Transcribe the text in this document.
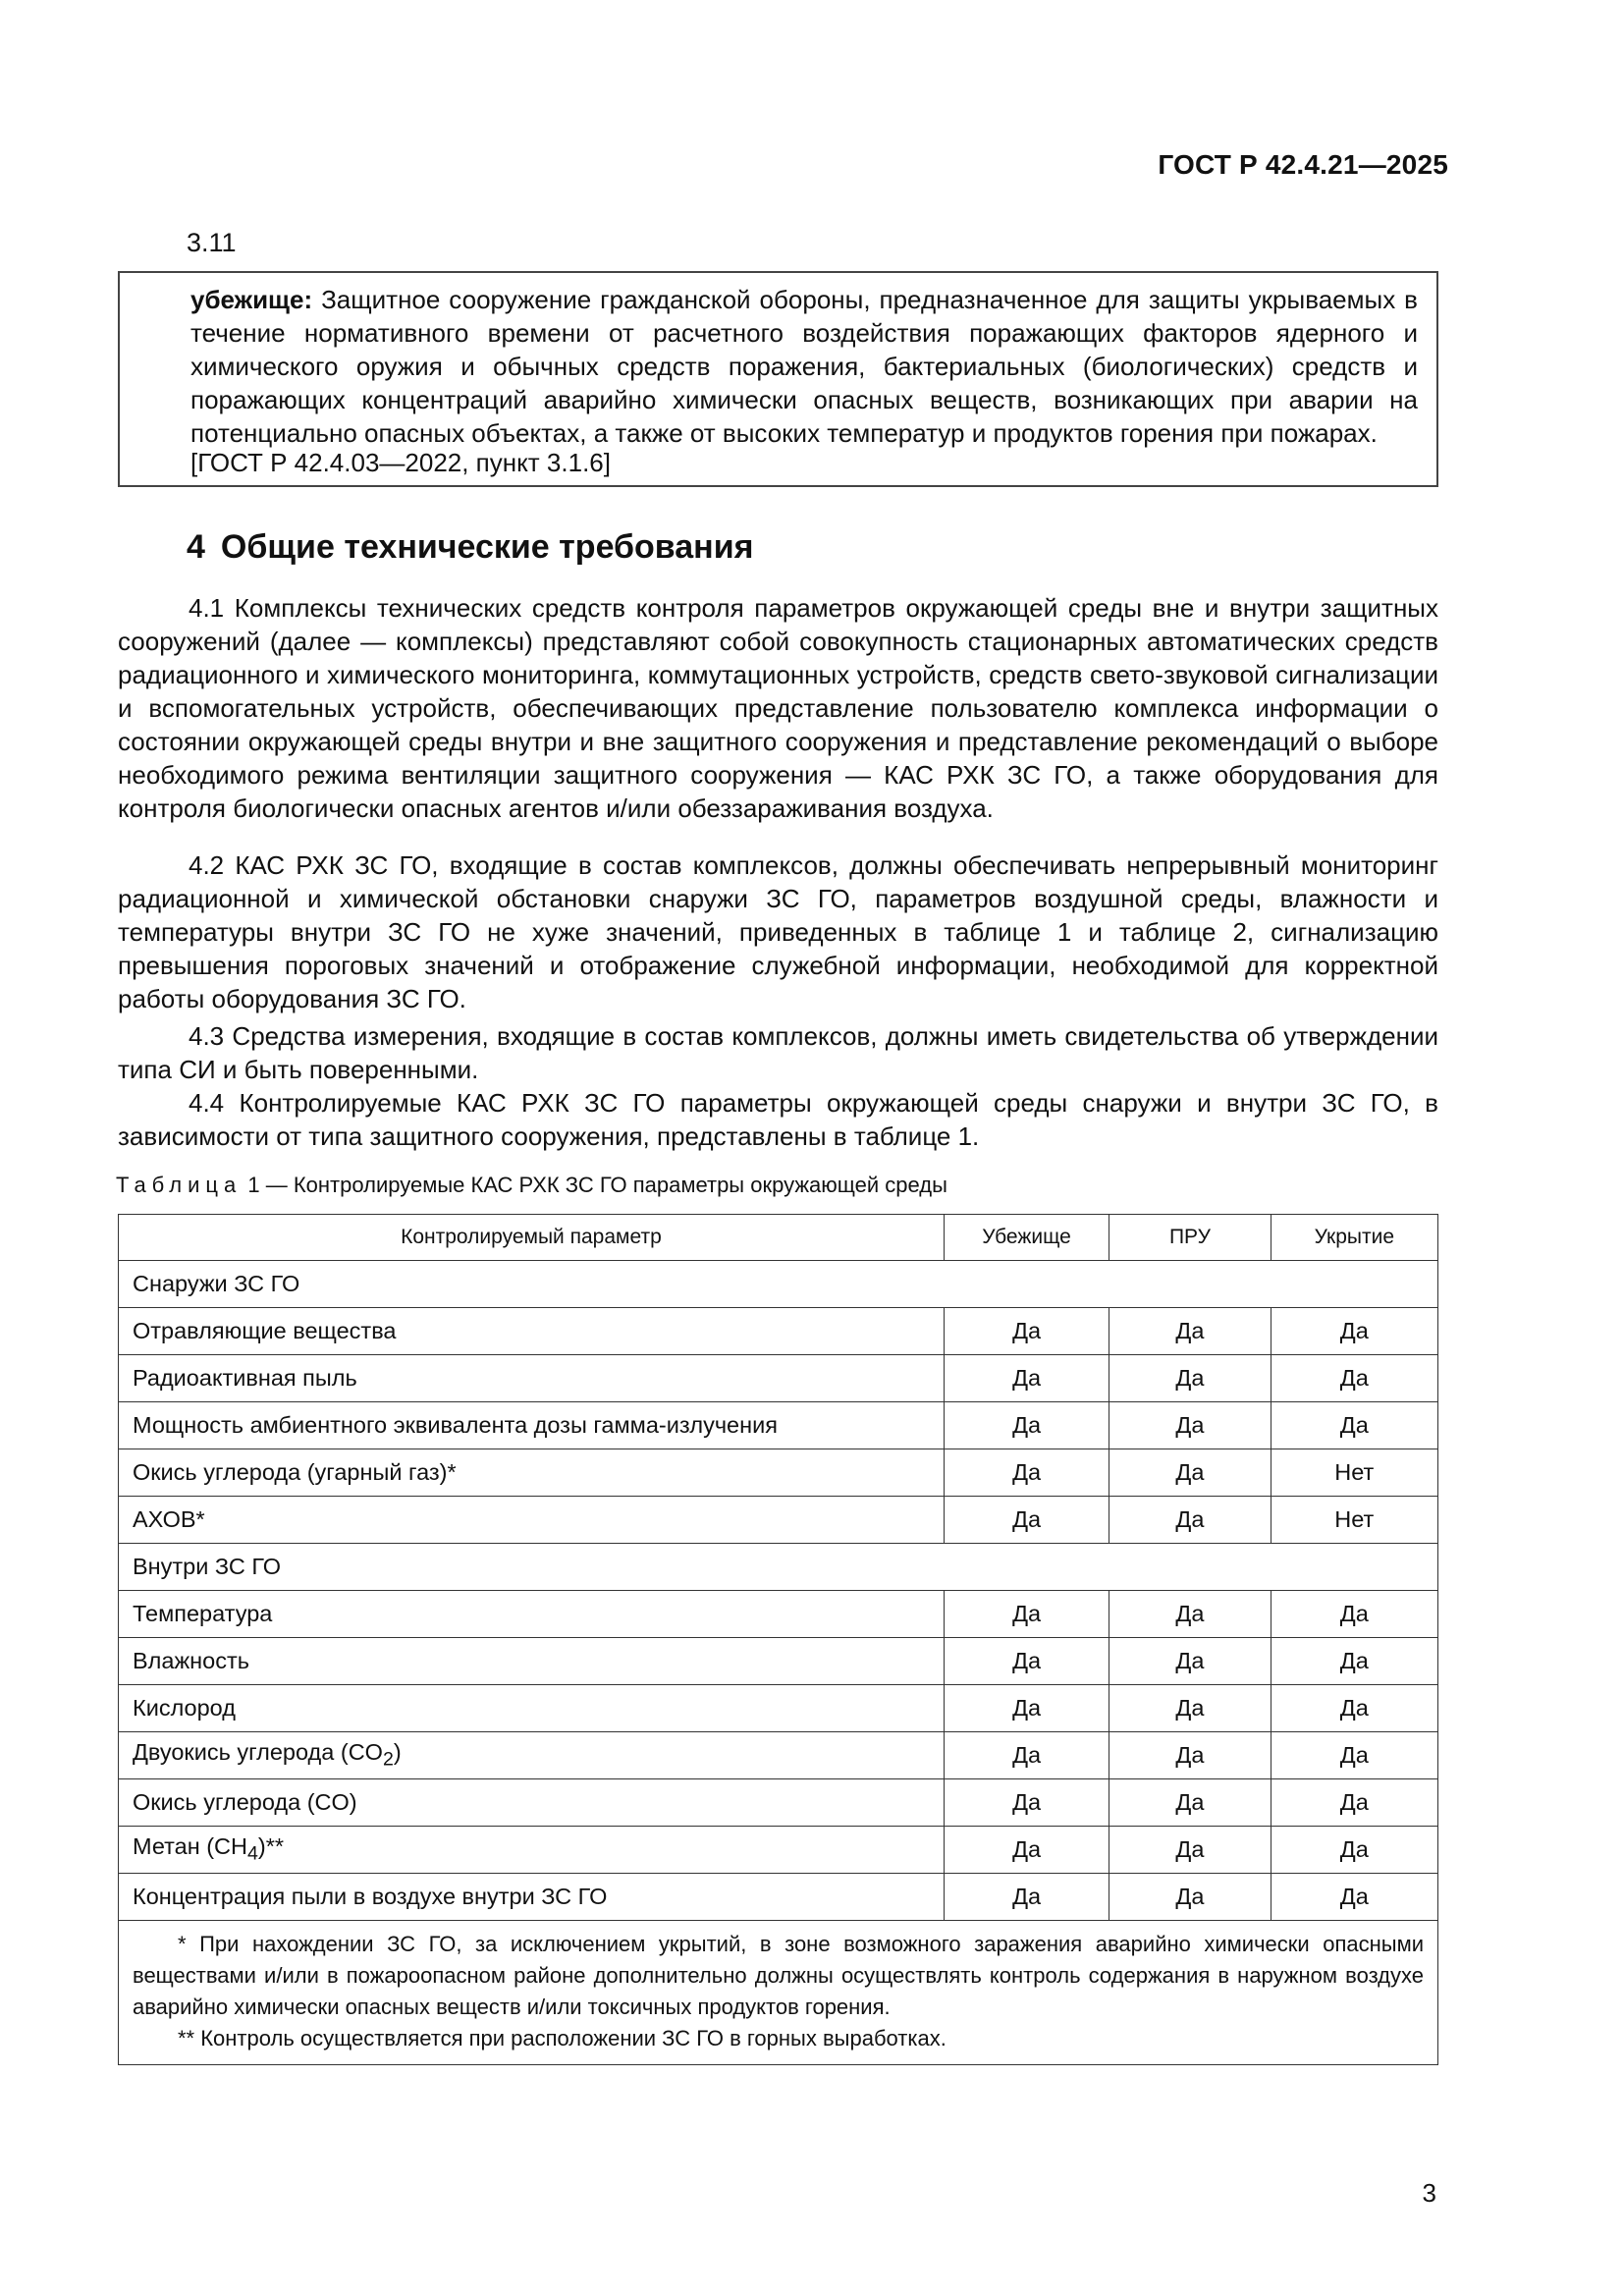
ГОСТ Р 42.4.21—2025
3.11
убежище: Защитное сооружение гражданской обороны, предназначенное для защиты укрываемых в течение нормативного времени от расчетного воздействия поражающих факторов ядерного и химического оружия и обычных средств поражения, бактериальных (биологических) средств и поражающих концентраций аварийно химически опасных веществ, возникающих при аварии на потенциально опасных объектах, а также от высоких температур и продуктов горения при пожарах.
[ГОСТ Р 42.4.03—2022, пункт 3.1.6]
4 Общие технические требования
4.1 Комплексы технических средств контроля параметров окружающей среды вне и внутри защитных сооружений (далее — комплексы) представляют собой совокупность стационарных автоматических средств радиационного и химического мониторинга, коммутационных устройств, средств свето-звуковой сигнализации и вспомогательных устройств, обеспечивающих представление пользователю комплекса информации о состоянии окружающей среды внутри и вне защитного сооружения и представление рекомендаций о выборе необходимого режима вентиляции защитного сооружения — КАС РХК ЗС ГО, а также оборудования для контроля биологически опасных агентов и/или обеззараживания воздуха.
4.2 КАС РХК ЗС ГО, входящие в состав комплексов, должны обеспечивать непрерывный мониторинг радиационной и химической обстановки снаружи ЗС ГО, параметров воздушной среды, влажности и температуры внутри ЗС ГО не хуже значений, приведенных в таблице 1 и таблице 2, сигнализацию превышения пороговых значений и отображение служебной информации, необходимой для корректной работы оборудования ЗС ГО.
4.3 Средства измерения, входящие в состав комплексов, должны иметь свидетельства об утверждении типа СИ и быть поверенными.
4.4 Контролируемые КАС РХК ЗС ГО параметры окружающей среды снаружи и внутри ЗС ГО, в зависимости от типа защитного сооружения, представлены в таблице 1.
Таблица 1 — Контролируемые КАС РХК ЗС ГО параметры окружающей среды
Контролируемый параметр	Убежище	ПРУ	Укрытие
Снаружи ЗС ГО			
Отравляющие вещества	Да	Да	Да
Радиоактивная пыль	Да	Да	Да
Мощность амбиентного эквивалента дозы гамма-излучения	Да	Да	Да
Окись углерода (угарный газ)*	Да	Да	Нет
АХОВ*	Да	Да	Нет
Внутри ЗС ГО			
Температура	Да	Да	Да
Влажность	Да	Да	Да
Кислород	Да	Да	Да
Двуокись углерода $(CO_2)$	Да	Да	Да
Окись углерода (CO)	Да	Да	Да
Метан $(CH_4)**$	Да	Да	Да
Концентрация пыли в воздухе внутри ЗС ГО	Да	Да	Да

* При нахождении ЗС ГО, за исключением укрытий, в зоне возможного заражения аварийно химически опасными веществами и/или в пожароопасном районе дополнительно должны осуществлять контроль содержания в наружном воздухе аварийно химически опасных веществ и/или токсичных продуктов горения.

** Контроль осуществляется при расположении ЗС ГО в горных выработках.			

3
